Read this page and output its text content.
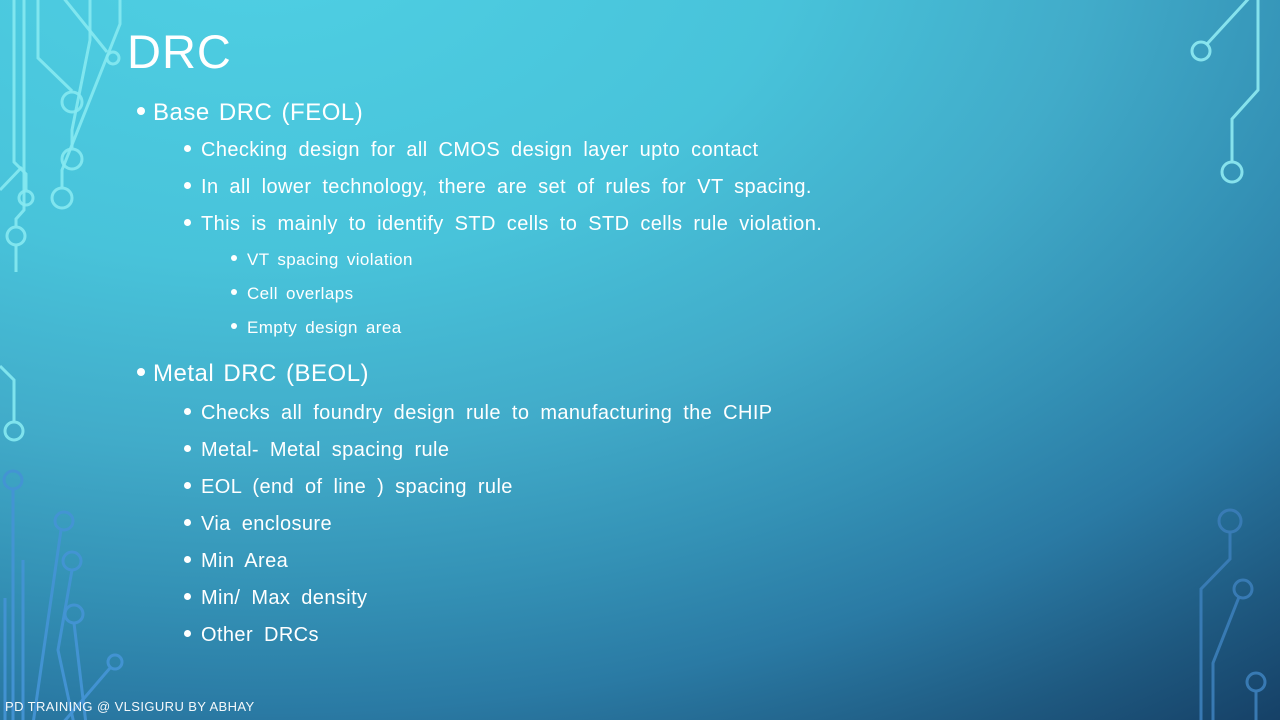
DRC
Base DRC (FEOL)
Checking design for all CMOS design layer upto contact
In all lower technology, there are set of rules for VT spacing.
This is mainly to identify STD cells to STD cells rule violation.
VT spacing violation
Cell overlaps
Empty design area
Metal DRC (BEOL)
Checks all foundry design rule to manufacturing the CHIP
Metal- Metal spacing rule
EOL (end of line ) spacing rule
Via enclosure
Min Area
Min/ Max density
Other DRCs
PD TRAINING @ VLSIGURU BY ABHAY
